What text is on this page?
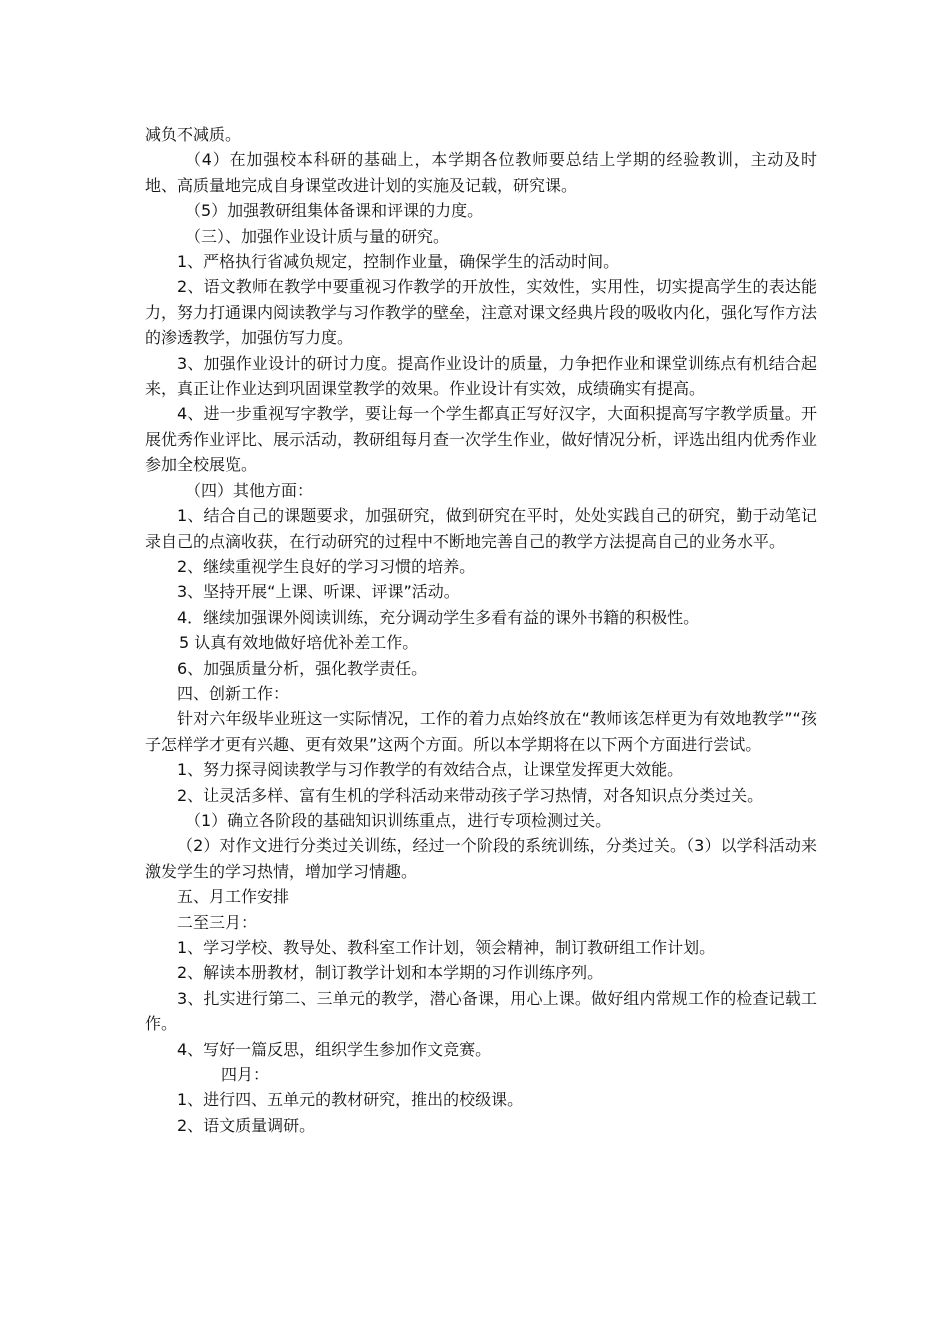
减负不减质。

（4）在加强校本科研的基础上，本学期各位教师要总结上学期的经验教训，主动及时地、高质量地完成自身课堂改进计划的实施及记载，研究课。

（5）加强教研组集体备课和评课的力度。

（三）、加强作业设计质与量的研究。

1、严格执行省减负规定，控制作业量，确保学生的活动时间。

2、语文教师在教学中要重视习作教学的开放性，实效性，实用性，切实提高学生的表达能力，努力打通课内阅读教学与习作教学的壁垒，注意对课文经典片段的吸收内化，强化写作方法的渗透教学，加强仿写力度。

3、加强作业设计的研讨力度。提高作业设计的质量，力争把作业和课堂训练点有机结合起来，真正让作业达到巩固课堂教学的效果。作业设计有实效，成绩确实有提高。

4、进一步重视写字教学，要让每一个学生都真正写好汉字，大面积提高写字教学质量。开展优秀作业评比、展示活动，教研组每月查一次学生作业，做好情况分析，评选出组内优秀作业参加全校展览。

（四）其他方面：

1、结合自己的课题要求，加强研究，做到研究在平时，处处实践自己的研究，勤于动笔记录自己的点滴收获，在行动研究的过程中不断地完善自己的教学方法提高自己的业务水平。

2、继续重视学生良好的学习习惯的培养。

3、坚持开展“上课、听课、评课”活动。

4．继续加强课外阅读训练，充分调动学生多看有益的课外书籍的积极性。

5 认真有效地做好培优补差工作。

6、加强质量分析，强化教学责任。

四、创新工作：

针对六年级毕业班这一实际情况，工作的着力点始终放在“教师该怎样更为有效地教学”“孩子怎样学才更有兴趣、更有效果”这两个方面。所以本学期将在以下两个方面进行尝试。

1、努力探寻阅读教学与习作教学的有效结合点，让课堂发挥更大效能。

2、让灵活多样、富有生机的学科活动来带动孩子学习热情，对各知识点分类过关。

（1）确立各阶段的基础知识训练重点，进行专项检测过关。

（2）对作文进行分类过关训练，经过一个阶段的系统训练，分类过关。（3）以学科活动来激发学生的学习热情，增加学习情趣。

五、月工作安排

二至三月：

1、学习学校、教导处、教科室工作计划，领会精神，制订教研组工作计划。

2、解读本册教材，制订教学计划和本学期的习作训练序列。

3、扎实进行第二、三单元的教学，潜心备课，用心上课。做好组内常规工作的检查记载工作。

4、写好一篇反思，组织学生参加作文竞赛。

四月：

1、进行四、五单元的教材研究，推出的校级课。

2、语文质量调研。
